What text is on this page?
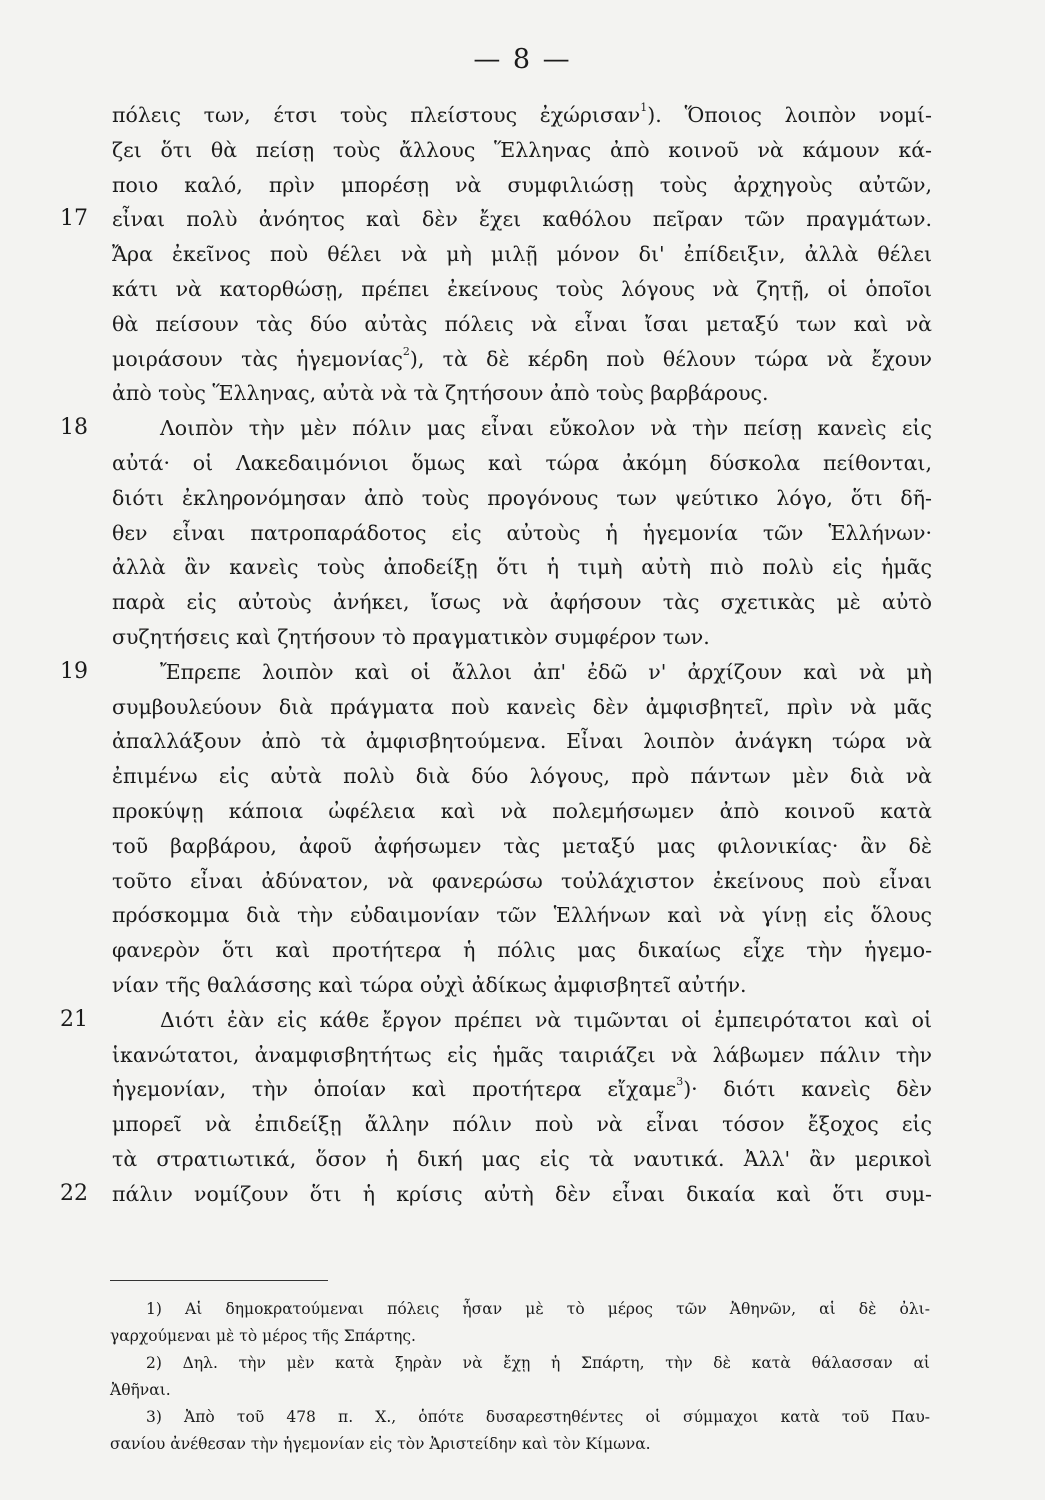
— 8 —
πόλεις των, έτσι τοὺς πλείστους ἐχώρισαν$^1$). Ὅποιος λοιπὸν νομί-
ζει ὅτι θὰ πείσῃ τοὺς ἄλλους Ἕλληνας ἀπὸ κοινοῦ νὰ κάμουν κά-
ποιο καλό, πρὶν μπορέσῃ νὰ συμφιλιώσῃ τοὺς ἀρχηγοὺς αὐτῶν,
17 εἶναι πολὺ ἀνόητος καὶ δὲν ἔχει καθόλου πεῖραν τῶν πραγμάτων.
Ἄρα ἐκεῖνος ποὺ θέλει νὰ μὴ μιλῇ μόνον δι' ἐπίδειξιν, ἀλλὰ θέλει
κάτι νὰ κατορθώσῃ, πρέπει ἐκείνους τοὺς λόγους νὰ ζητῇ, οἱ ὁποῖοι
θὰ πείσουν τὰς δύο αὐτὰς πόλεις νὰ εἶναι ἴσαι μεταξύ των καὶ νὰ
μοιράσουν τὰς ἡγεμονίας$^2$), τὰ δὲ κέρδη ποὺ θέλουν τώρα νὰ ἔχουν
ἀπὸ τοὺς Ἕλληνας, αὐτὰ νὰ τὰ ζητήσουν ἀπὸ τοὺς βαρβάρους.
18	Λοιπὸν τὴν μὲν πόλιν μας εἶναι εὔκολον νὰ τὴν πείσῃ κανεὶς εἰς
αὐτά· οἱ Λακεδαιμόνιοι ὅμως καὶ τώρα ἀκόμη δύσκολα πείθονται,
διότι ἐκληρονόμησαν ἀπὸ τοὺς προγόνους των ψεύτικο λόγο, ὅτι δῆ-
θεν εἶναι πατροπαράδοτος εἰς αὐτοὺς ἡ ἡγεμονία τῶν Ἑλλήνων·
ἀλλὰ ἂν κανεὶς τοὺς ἀποδείξῃ ὅτι ἡ τιμὴ αὐτὴ πιὸ πολὺ εἰς ἡμᾶς
παρὰ εἰς αὐτοὺς ἀνήκει, ἴσως νὰ ἀφήσουν τὰς σχετικὰς μὲ αὐτὸ
συζητήσεις καὶ ζητήσουν τὸ πραγματικὸν συμφέρον των.
19	Ἔπρεπε λοιπὸν καὶ οἱ ἄλλοι ἀπ' ἐδῶ ν' ἀρχίζουν καὶ νὰ μὴ
συμβουλεύουν διὰ πράγματα ποὺ κανεὶς δὲν ἀμφισβητεῖ, πρὶν νὰ μᾶς
ἀπαλλάξουν ἀπὸ τὰ ἀμφισβητούμενα. Εἶναι λοιπὸν ἀνάγκη τώρα νὰ
ἐπιμένω εἰς αὐτὰ πολὺ διὰ δύο λόγους, πρὸ πάντων μὲν διὰ νὰ
προκύψῃ κάποια ὠφέλεια καὶ νὰ πολεμήσωμεν ἀπὸ κοινοῦ κατὰ
τοῦ βαρβάρου, ἀφοῦ ἀφήσωμεν τὰς μεταξύ μας φιλονικίας· ἂν δὲ
τοῦτο εἶναι ἀδύνατον, νὰ φανερώσω τοὐλάχιστον ἐκείνους ποὺ εἶναι
πρόσκομμα διὰ τὴν εὐδαιμονίαν τῶν Ἑλλήνων καὶ νὰ γίνῃ εἰς ὅλους
φανερὸν ὅτι καὶ προτήτερα ἡ πόλις μας δικαίως εἶχε τὴν ἡγεμο-
νίαν τῆς θαλάσσης καὶ τώρα οὐχὶ ἀδίκως ἀμφισβητεῖ αὐτήν.
21	Διότι ἐὰν εἰς κάθε ἔργον πρέπει νὰ τιμῶνται οἱ ἐμπειρότατοι καὶ οἱ
ἱκανώτατοι, ἀναμφισβητήτως εἰς ἡμᾶς ταιριάζει νὰ λάβωμεν πάλιν τὴν
ἡγεμονίαν, τὴν ὁποίαν καὶ προτήτερα εἴχαμε$^3$)· διότι κανεὶς δὲν
μπορεῖ νὰ ἐπιδείξῃ ἄλλην πόλιν ποὺ νὰ εἶναι τόσον ἔξοχος εἰς
τὰ στρατιωτικά, ὅσον ἡ δική μας εἰς τὰ ναυτικά. Ἀλλ' ἂν μερικοὶ
22 πάλιν νομίζουν ὅτι ἡ κρίσις αὐτὴ δὲν εἶναι δικαία καὶ ὅτι συμ-
1) Αἱ δημοκρατούμεναι πόλεις ἦσαν μὲ τὸ μέρος τῶν Ἀθηνῶν, αἱ δὲ ὀλι-
γαρχούμεναι μὲ τὸ μέρος τῆς Σπάρτης.
2) Δηλ. τὴν μὲν κατὰ ξηρὰν νὰ ἔχῃ ἡ Σπάρτη, τὴν δὲ κατὰ θάλασσαν αἱ
Ἀθῆναι.
3) Ἀπὸ τοῦ 478 π. Χ., ὁπότε δυσαρεστηθέντες οἱ σύμμαχοι κατὰ τοῦ Παυ-
σανίου ἀνέθεσαν τὴν ἡγεμονίαν εἰς τὸν Ἀριστείδην καὶ τὸν Κίμωνα.
